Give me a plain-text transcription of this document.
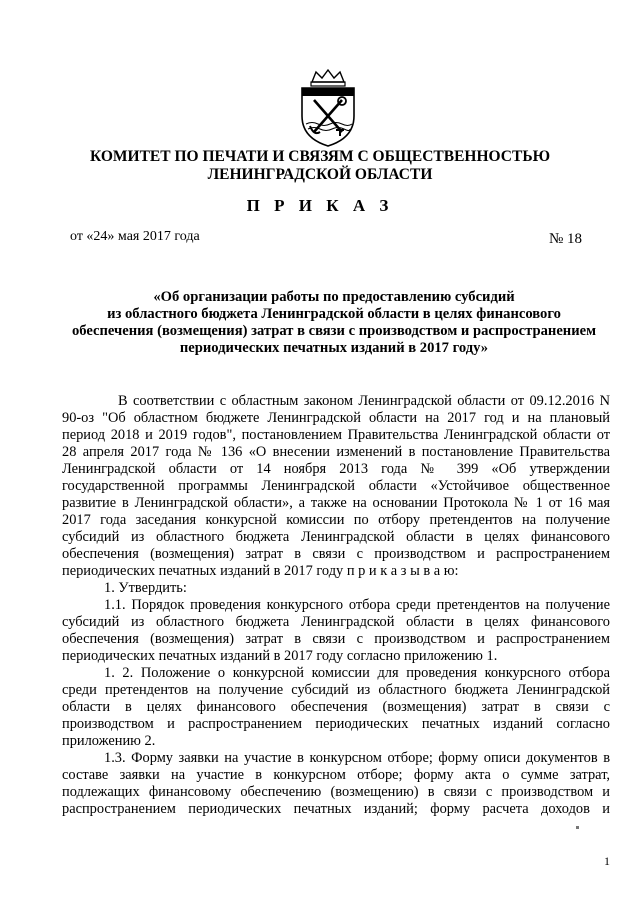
КОМИТЕТ ПО ПЕЧАТИ И СВЯЗЯМ С ОБЩЕСТВЕННОСТЬЮ
ЛЕНИНГРАДСКОЙ ОБЛАСТИ
П Р И К А З
от «24» мая 2017 года	№ 18
«Об организации работы по предоставлению субсидий
из областного бюджета Ленинградской области в целях финансового
обеспечения (возмещения) затрат в связи с производством и распространением
периодических печатных изданий в 2017 году»
В соответствии с областным законом Ленинградской области от 09.12.2016 N
90-оз "Об областном бюджете Ленинградской области на 2017 год и на плановый
период 2018 и 2019 годов", постановлением Правительства Ленинградской области от
28 апреля 2017 года № 136 «О внесении изменений в постановление Правительства
Ленинградской области от 14 ноября 2013 года № 399 «Об утверждении
государственной программы Ленинградской области «Устойчивое общественное
развитие в Ленинградской области», а также на основании Протокола № 1 от 16 мая
2017 года заседания конкурсной комиссии по отбору претендентов на получение
субсидий из областного бюджета Ленинградской области в целях финансового
обеспечения (возмещения) затрат в связи с производством и распространением
периодических печатных изданий в 2017 году п р и к а з ы в а ю:
1. Утвердить:
1.1. Порядок проведения конкурсного отбора среди претендентов на получение
субсидий из областного бюджета Ленинградской области в целях финансового
обеспечения (возмещения) затрат в связи с производством и распространением
периодических печатных изданий в 2017 году согласно приложению 1.
1. 2. Положение о конкурсной комиссии для проведения конкурсного отбора
среди претендентов на получение субсидий из областного бюджета Ленинградской
области в целях финансового обеспечения (возмещения) затрат в связи с
производством и распространением периодических печатных изданий согласно
приложению 2.
1.3. Форму заявки на участие в конкурсном отборе; форму описи документов в
составе заявки на участие в конкурсном отборе; форму акта о сумме затрат,
подлежащих финансовому обеспечению (возмещению) в связи с производством и
распространением периодических печатных изданий; форму расчета доходов и
1
